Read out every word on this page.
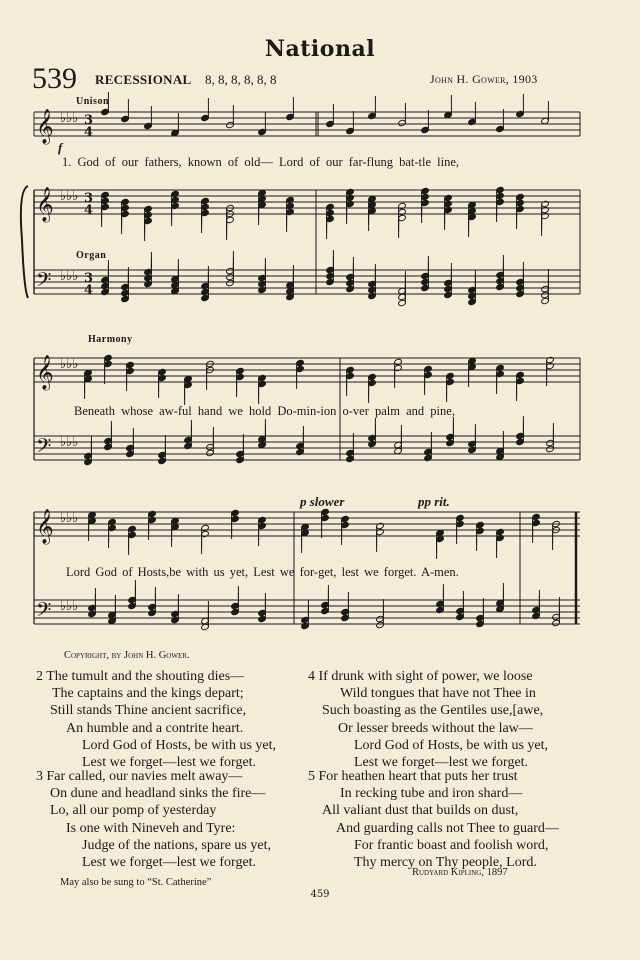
National
539 RECESSIONAL 8, 8, 8, 8, 8, 8	John H. Gower, 1903
𝄞
𝄞
𝄢
𝄞
𝄢
𝄞
𝄢
♭♭♭
♭♭♭
♭♭♭
♭♭♭
♭♭♭
♭♭♭
♭♭♭
3
4
3
4
3
4
Unison
f
1. God of our fathers, known of old— Lord of our far-flung bat-tle line,
Organ
Harmony
Beneath whose aw-ful hand we hold Do-min-ion o-ver palm and pine,
p slower	pp rit.
Lord God of Hosts,be with us yet, Lest we for-get, lest we forget. A-men.
Copyright, by John H. Gower.
2 The tumult and the shouting dies—
The captains and the kings depart;
Still stands Thine ancient sacrifice,
An humble and a contrite heart.
Lord God of Hosts, be with us yet,
Lest we forget—lest we forget.
3 Far called, our navies melt away—
On dune and headland sinks the fire—
Lo, all our pomp of yesterday
Is one with Nineveh and Tyre:
Judge of the nations, spare us yet,
Lest we forget—lest we forget.
4 If drunk with sight of power, we loose
Wild tongues that have not Thee in
Such boasting as the Gentiles use,[awe,
Or lesser breeds without the law—
Lord God of Hosts, be with us yet,
Lest we forget—lest we forget.
5 For heathen heart that puts her trust
In recking tube and iron shard—
All valiant dust that builds on dust,
And guarding calls not Thee to guard—
For frantic boast and foolish word,
Thy mercy on Thy people, Lord.
Rudyard Kipling, 1897
May also be sung to “St. Catherine”
459
